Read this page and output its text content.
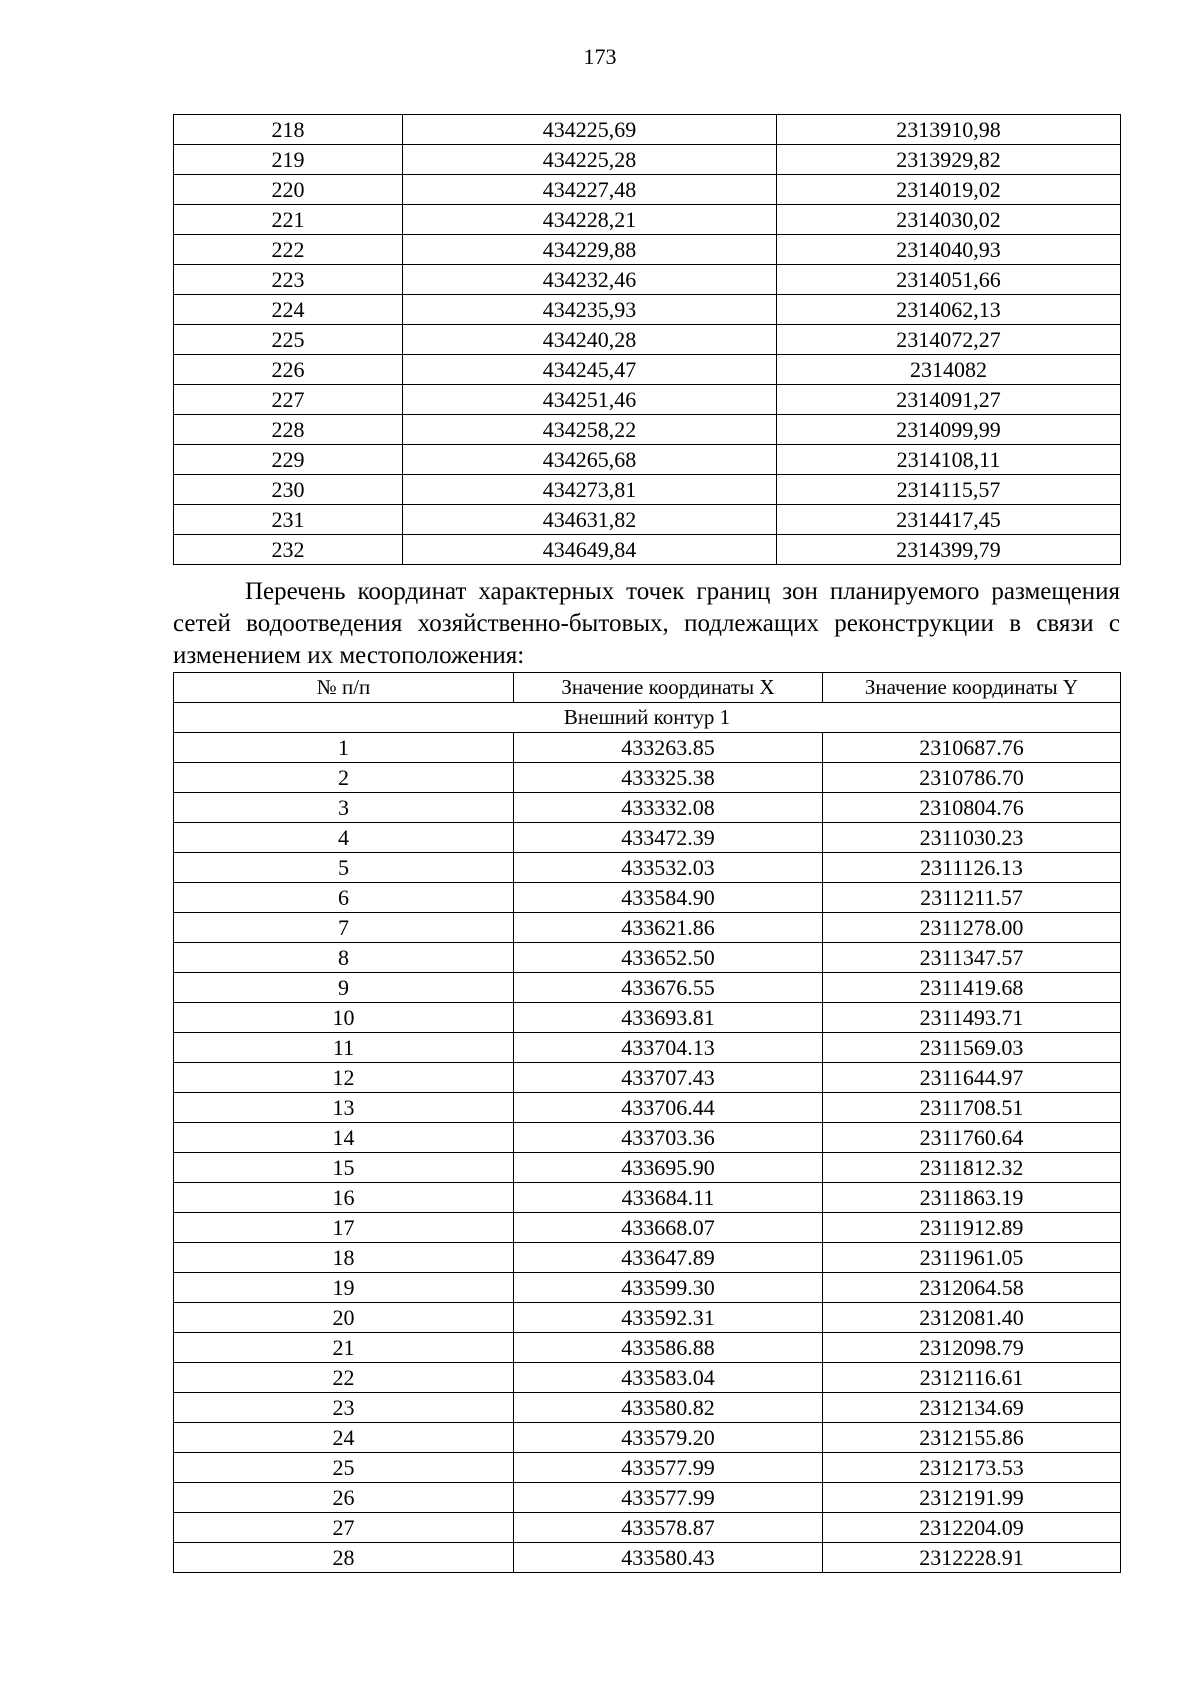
173
218	434225,69	2313910,98
219	434225,28	2313929,82
220	434227,48	2314019,02
221	434228,21	2314030,02
222	434229,88	2314040,93
223	434232,46	2314051,66
224	434235,93	2314062,13
225	434240,28	2314072,27
226	434245,47	2314082
227	434251,46	2314091,27
228	434258,22	2314099,99
229	434265,68	2314108,11
230	434273,81	2314115,57
231	434631,82	2314417,45
232	434649,84	2314399,79
Перечень координат характерных точек границ зон планируемого размещения сетей водоотведения хозяйственно-бытовых, подлежащих реконструкции в связи с изменением их местоположения:
№ п/п	Значение координаты X	Значение координаты Y
Внешний контур 1		
1	433263.85	2310687.76
2	433325.38	2310786.70
3	433332.08	2310804.76
4	433472.39	2311030.23
5	433532.03	2311126.13
6	433584.90	2311211.57
7	433621.86	2311278.00
8	433652.50	2311347.57
9	433676.55	2311419.68
10	433693.81	2311493.71
11	433704.13	2311569.03
12	433707.43	2311644.97
13	433706.44	2311708.51
14	433703.36	2311760.64
15	433695.90	2311812.32
16	433684.11	2311863.19
17	433668.07	2311912.89
18	433647.89	2311961.05
19	433599.30	2312064.58
20	433592.31	2312081.40
21	433586.88	2312098.79
22	433583.04	2312116.61
23	433580.82	2312134.69
24	433579.20	2312155.86
25	433577.99	2312173.53
26	433577.99	2312191.99
27	433578.87	2312204.09
28	433580.43	2312228.91
